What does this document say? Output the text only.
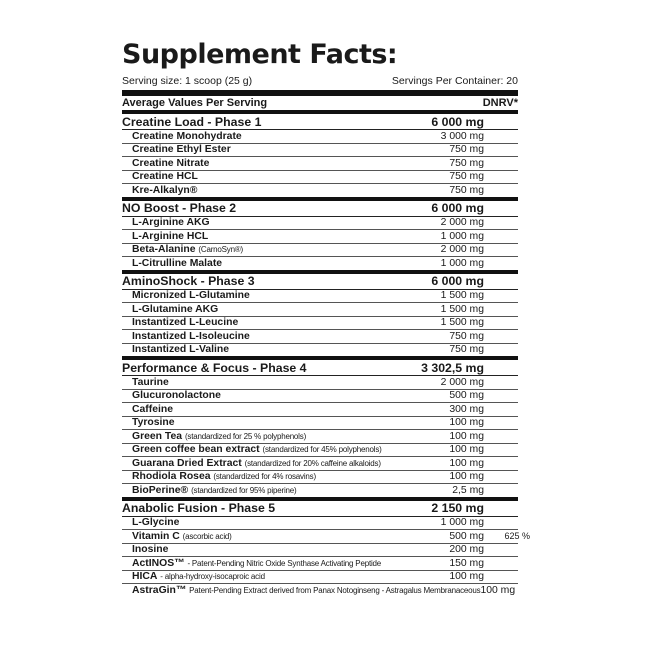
Supplement Facts:
Serving size: 1 scoop (25 g)	Servings Per Container: 20
Average Values Per Serving	DNRV*
Creatine Load - Phase 1	6 000 mg
Creatine Monohydrate	3 000 mg
Creatine Ethyl Ester	750 mg
Creatine Nitrate	750 mg
Creatine HCL	750 mg
Kre-Alkalyn®	750 mg
NO Boost - Phase 2	6 000 mg
L-Arginine AKG	2 000 mg
L-Arginine HCL	1 000 mg
Beta-Alanine (CarnoSyn®)	2 000 mg
L-Citrulline Malate	1 000 mg
AminoShock - Phase 3	6 000 mg
Micronized L-Glutamine	1 500 mg
L-Glutamine AKG	1 500 mg
Instantized L-Leucine	1 500 mg
Instantized L-Isoleucine	750 mg
Instantized L-Valine	750 mg
Performance & Focus - Phase 4	3 302,5 mg
Taurine	2 000 mg
Glucuronolactone	500 mg
Caffeine	300 mg
Tyrosine	100 mg
Green Tea (standardized for 25 % polyphenols)	100 mg
Green coffee bean extract (standardized for 45% polyphenols)	100 mg
Guarana Dried Extract (standardized for 20% caffeine alkaloids)	100 mg
Rhodiola Rosea (standardized for 4% rosavins)	100 mg
BioPerine® (standardized for 95% piperine)	2,5 mg
Anabolic Fusion - Phase 5	2 150 mg
L-Glycine	1 000 mg
Vitamin C (ascorbic acid)	500 mg	625 %
Inosine	200 mg
ActINOS™ - Patent-Pending Nitric Oxide Synthase Activating Peptide	150 mg
HICA - alpha-hydroxy-isocaproic acid	100 mg
AstraGin™ Patent-Pending Extract derived from Panax Notoginseng - Astragalus Membranaceous 100 mg
